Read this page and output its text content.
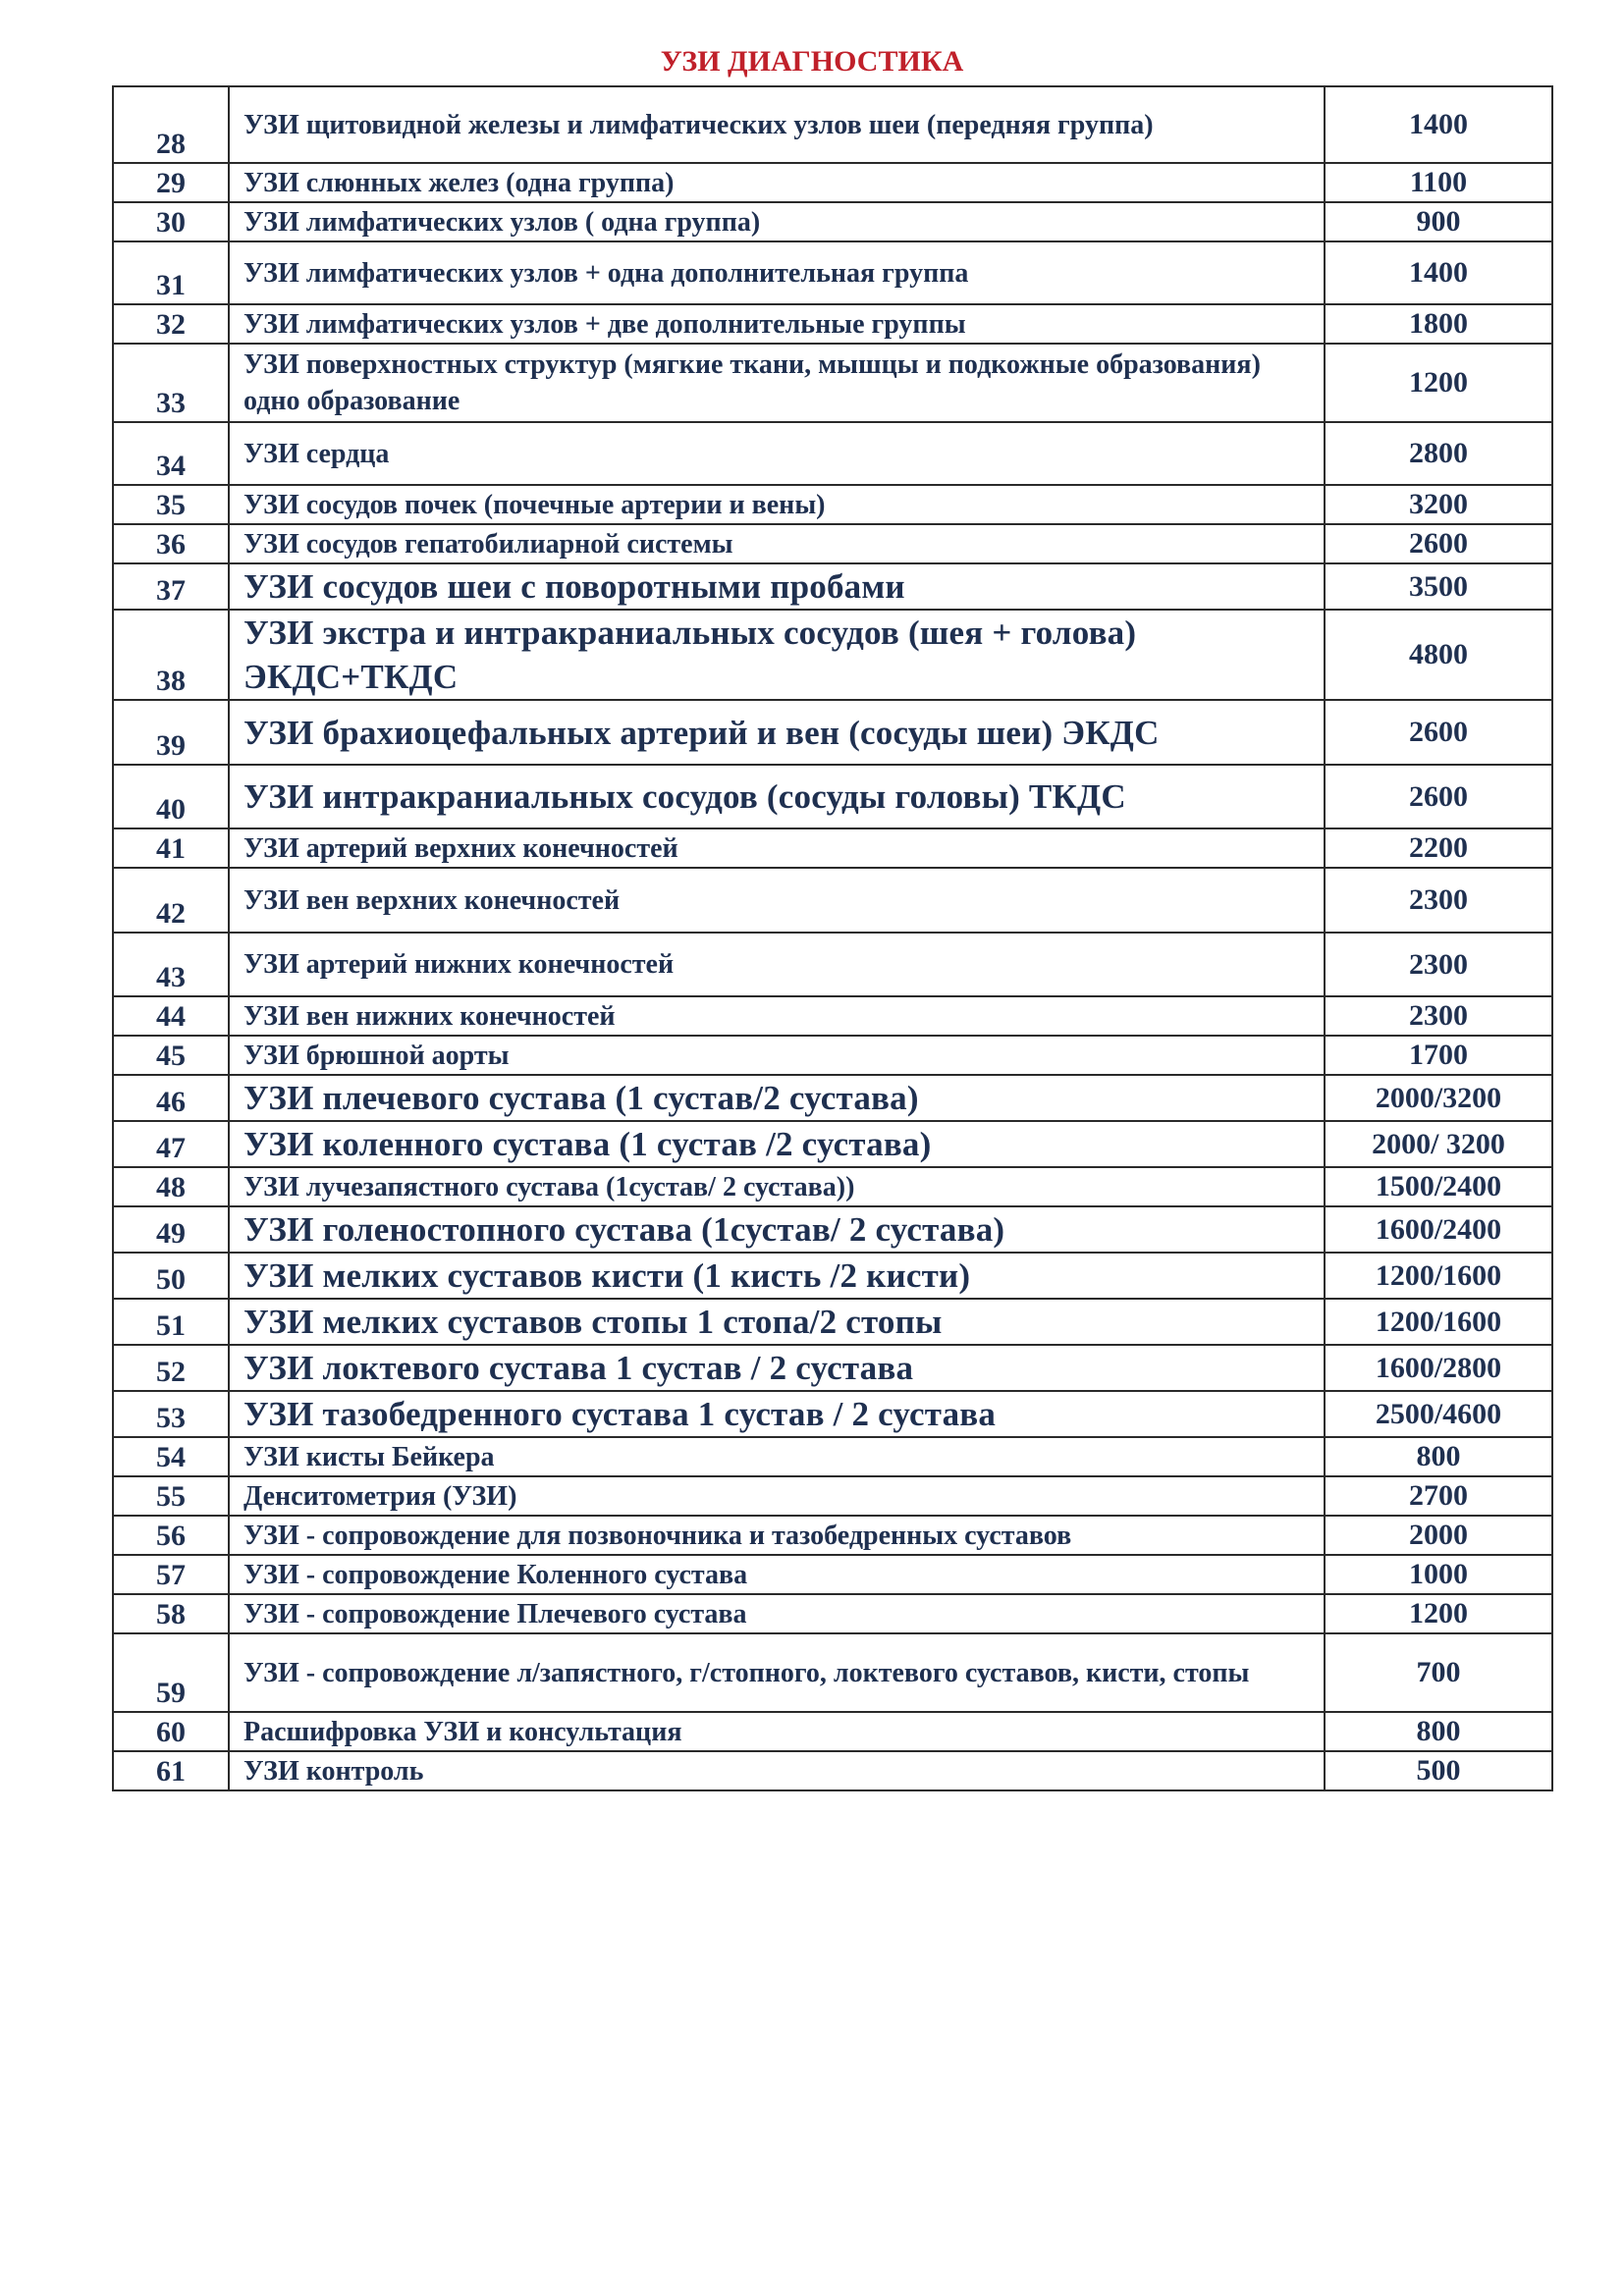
УЗИ ДИАГНОСТИКА
28	УЗИ щитовидной железы и лимфатических узлов шеи (передняя группа)	1400
29	УЗИ слюнных желез (одна группа)	1100
30	УЗИ лимфатических узлов ( одна группа)	900
31	УЗИ лимфатических узлов + одна дополнительная группа	1400
32	УЗИ лимфатических узлов + две дополнительные группы	1800
33	УЗИ поверхностных структур (мягкие ткани, мышцы и подкожные образования) одно образование	1200
34	УЗИ сердца	2800
35	УЗИ сосудов почек (почечные артерии и вены)	3200
36	УЗИ сосудов гепатобилиарной системы	2600
37	УЗИ сосудов шеи с поворотными пробами	3500
38	УЗИ экстра и интракраниальных сосудов (шея + голова) ЭКДС+ТКДС	4800
39	УЗИ брахиоцефальных артерий и вен (сосуды шеи) ЭКДС	2600
40	УЗИ интракраниальных сосудов (сосуды головы) ТКДС	2600
41	УЗИ артерий верхних конечностей	2200
42	УЗИ вен верхних конечностей	2300
43	УЗИ артерий нижних конечностей	2300
44	УЗИ вен нижних конечностей	2300
45	УЗИ брюшной аорты	1700
46	УЗИ плечевого сустава (1 сустав/2 сустава)	2000/3200
47	УЗИ коленного сустава (1 сустав /2 сустава)	2000/ 3200
48	УЗИ лучезапястного сустава (1сустав/ 2 сустава))	1500/2400
49	УЗИ голеностопного сустава (1сустав/ 2 сустава)	1600/2400
50	УЗИ мелких суставов кисти (1 кисть /2 кисти)	1200/1600
51	УЗИ мелких суставов стопы 1 стопа/2 стопы	1200/1600
52	УЗИ локтевого сустава 1 сустав / 2 сустава	1600/2800
53	УЗИ тазобедренного сустава 1 сустав / 2 сустава	2500/4600
54	УЗИ кисты Бейкера	800
55	Денситометрия (УЗИ)	2700
56	УЗИ - сопровождение для позвоночника и тазобедренных суставов	2000
57	УЗИ - сопровождение Коленного сустава	1000
58	УЗИ - сопровождение Плечевого сустава	1200
59	УЗИ - сопровождение л/запястного, г/стопного, локтевого суставов, кисти, стопы	700
60	Расшифровка УЗИ и консультация	800
61	УЗИ контроль	500
